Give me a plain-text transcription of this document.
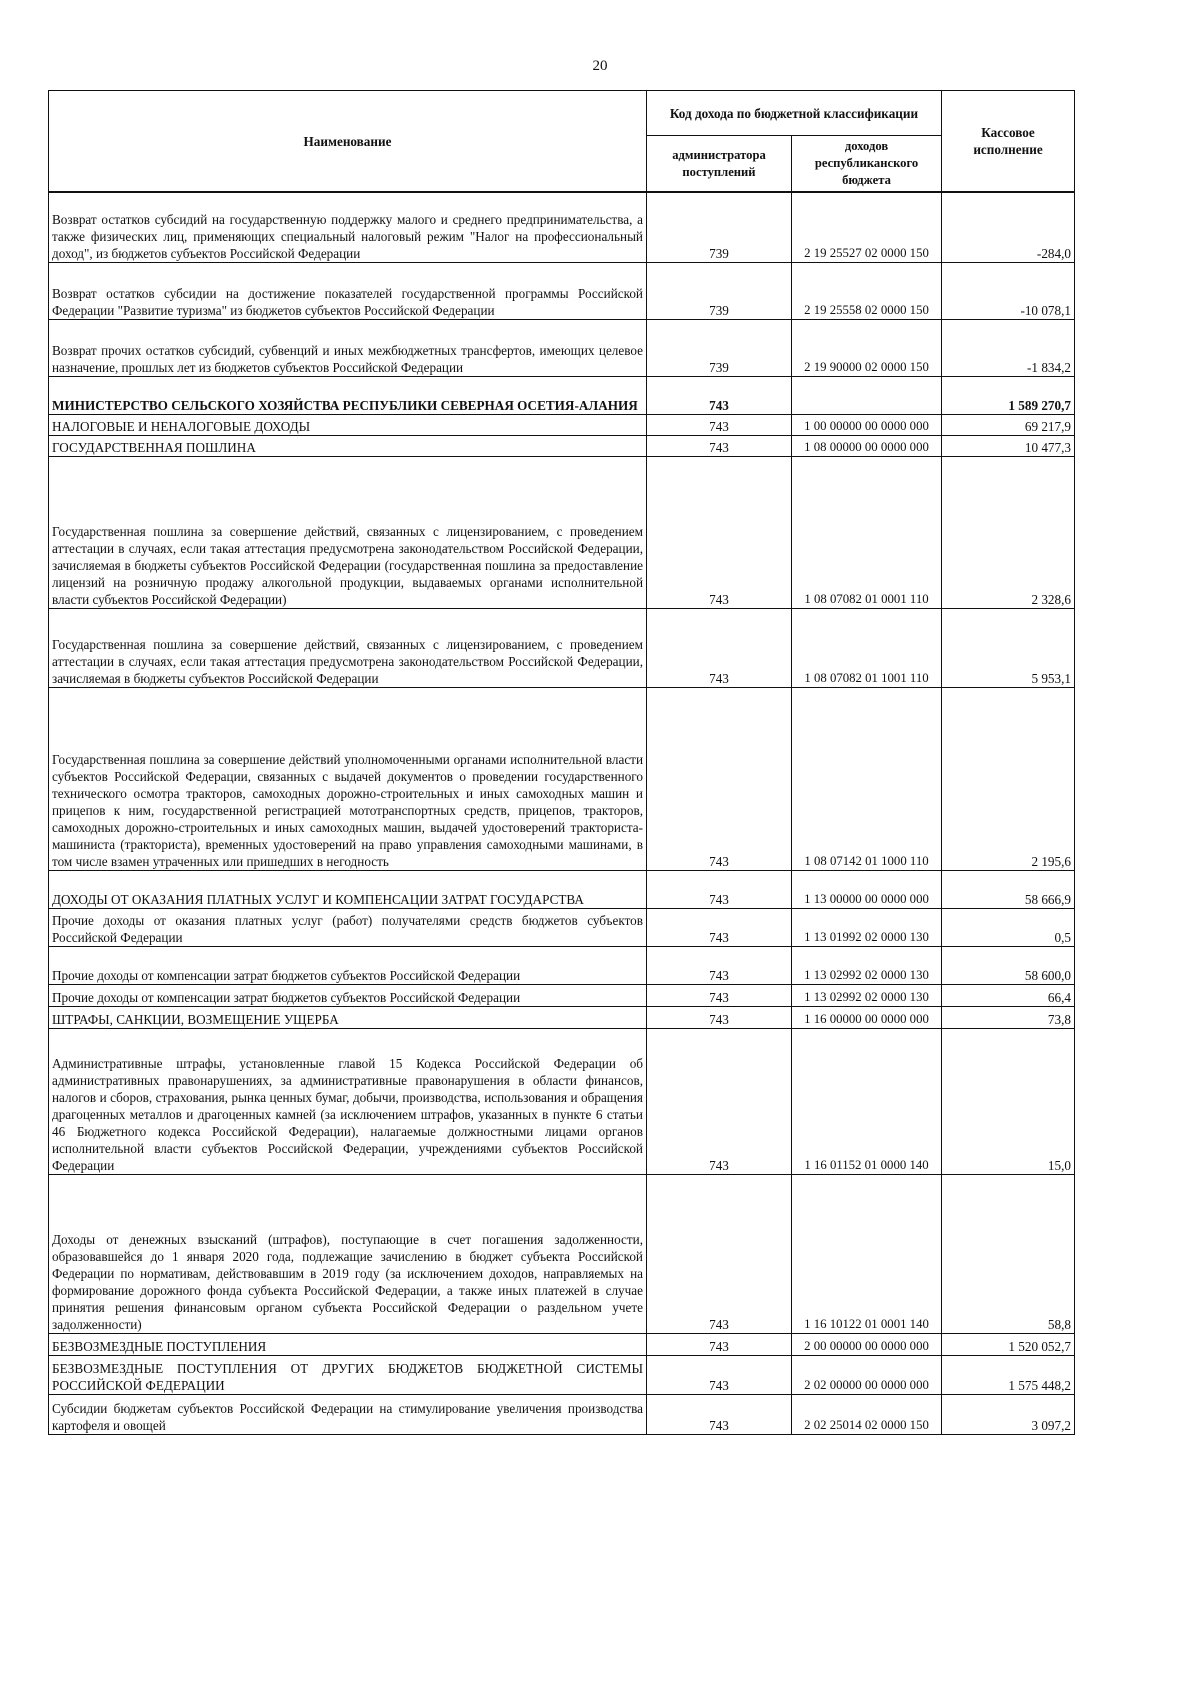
20
Наименование	Код дохода по бюджетной классификации		Кассовое исполнение
	администратора поступлений	доходов республиканского бюджета	
Возврат остатков субсидий на государственную поддержку малого и среднего предпринимательства, а также физических лиц, применяющих специальный налоговый режим "Налог на профессиональный доход", из бюджетов субъектов Российской Федерации	739	2 19 25527 02 0000 150	-284,0
Возврат остатков субсидии на достижение показателей государственной программы Российской Федерации "Развитие туризма" из бюджетов субъектов Российской Федерации	739	2 19 25558 02 0000 150	-10 078,1
Возврат прочих остатков субсидий, субвенций и иных межбюджетных трансфертов, имеющих целевое назначение, прошлых лет из бюджетов субъектов Российской Федерации	739	2 19 90000 02 0000 150	-1 834,2
МИНИСТЕРСТВО СЕЛЬСКОГО ХОЗЯЙСТВА РЕСПУБЛИКИ СЕВЕРНАЯ ОСЕТИЯ-АЛАНИЯ	743		1 589 270,7
НАЛОГОВЫЕ И НЕНАЛОГОВЫЕ ДОХОДЫ	743	1 00 00000 00 0000 000	69 217,9
ГОСУДАРСТВЕННАЯ ПОШЛИНА	743	1 08 00000 00 0000 000	10 477,3
Государственная пошлина за совершение действий, связанных с лицензированием, с проведением аттестации в случаях, если такая аттестация предусмотрена законодательством Российской Федерации, зачисляемая в бюджеты субъектов Российской Федерации (государственная пошлина за предоставление лицензий на розничную продажу алкогольной продукции, выдаваемых органами исполнительной власти субъектов Российской Федерации)	743	1 08 07082 01 0001 110	2 328,6
Государственная пошлина за совершение действий, связанных с лицензированием, с проведением аттестации в случаях, если такая аттестация предусмотрена законодательством Российской Федерации, зачисляемая в бюджеты субъектов Российской Федерации	743	1 08 07082 01 1001 110	5 953,1
Государственная пошлина за совершение действий уполномоченными органами исполнительной власти субъектов Российской Федерации, связанных с выдачей документов о проведении государственного технического осмотра тракторов, самоходных дорожно-строительных и иных самоходных машин и прицепов к ним, государственной регистрацией мототранспортных средств, прицепов, тракторов, самоходных дорожно-строительных и иных самоходных машин, выдачей удостоверений тракториста-машиниста (тракториста), временных удостоверений на право управления самоходными машинами, в том числе взамен утраченных или пришедших в негодность	743	1 08 07142 01 1000 110	2 195,6
ДОХОДЫ ОТ ОКАЗАНИЯ ПЛАТНЫХ УСЛУГ И КОМПЕНСАЦИИ ЗАТРАТ ГОСУДАРСТВА	743	1 13 00000 00 0000 000	58 666,9
Прочие доходы от оказания платных услуг (работ) получателями средств бюджетов субъектов Российской Федерации	743	1 13 01992 02 0000 130	0,5
Прочие доходы от компенсации затрат бюджетов субъектов Российской Федерации	743	1 13 02992 02 0000 130	58 600,0
Прочие доходы от компенсации затрат бюджетов субъектов Российской Федерации	743	1 13 02992 02 0000 130	66,4
ШТРАФЫ, САНКЦИИ, ВОЗМЕЩЕНИЕ УЩЕРБА	743	1 16 00000 00 0000 000	73,8
Административные штрафы, установленные главой 15 Кодекса Российской Федерации об административных правонарушениях, за административные правонарушения в области финансов, налогов и сборов, страхования, рынка ценных бумаг, добычи, производства, использования и обращения драгоценных металлов и драгоценных камней (за исключением штрафов, указанных в пункте 6 статьи 46 Бюджетного кодекса Российской Федерации), налагаемые должностными лицами органов исполнительной власти субъектов Российской Федерации, учреждениями субъектов Российской Федерации	743	1 16 01152 01 0000 140	15,0
Доходы от денежных взысканий (штрафов), поступающие в счет погашения задолженности, образовавшейся до 1 января 2020 года, подлежащие зачислению в бюджет субъекта Российской Федерации по нормативам, действовавшим в 2019 году (за исключением доходов, направляемых на формирование дорожного фонда субъекта Российской Федерации, а также иных платежей в случае принятия решения финансовым органом субъекта Российской Федерации о раздельном учете задолженности)	743	1 16 10122 01 0001 140	58,8
БЕЗВОЗМЕЗДНЫЕ ПОСТУПЛЕНИЯ	743	2 00 00000 00 0000 000	1 520 052,7
БЕЗВОЗМЕЗДНЫЕ ПОСТУПЛЕНИЯ ОТ ДРУГИХ БЮДЖЕТОВ БЮДЖЕТНОЙ СИСТЕМЫ РОССИЙСКОЙ ФЕДЕРАЦИИ	743	2 02 00000 00 0000 000	1 575 448,2
Субсидии бюджетам субъектов Российской Федерации на стимулирование увеличения производства картофеля и овощей	743	2 02 25014 02 0000 150	3 097,2
